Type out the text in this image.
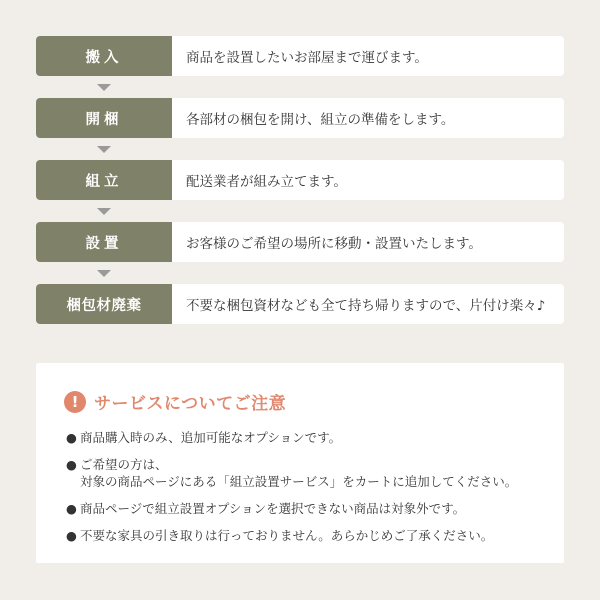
搬入	商品を設置したいお部屋まで運びます。
開梱	各部材の梱包を開け、組立の準備をします。
組立	配送業者が組み立てます。
設置	お客様のご希望の場所に移動・設置いたします。
梱包材廃棄	不要な梱包資材なども全て持ち帰りますので、片付け楽々♪
! サービスについてご注意
● 商品購入時のみ、追加可能なオプションです。
● ご希望の方は、
対象の商品ページにある「組立設置サービス」をカートに追加してください。
● 商品ページで組立設置オプションを選択できない商品は対象外です。
● 不要な家具の引き取りは行っておりません。あらかじめご了承ください。
